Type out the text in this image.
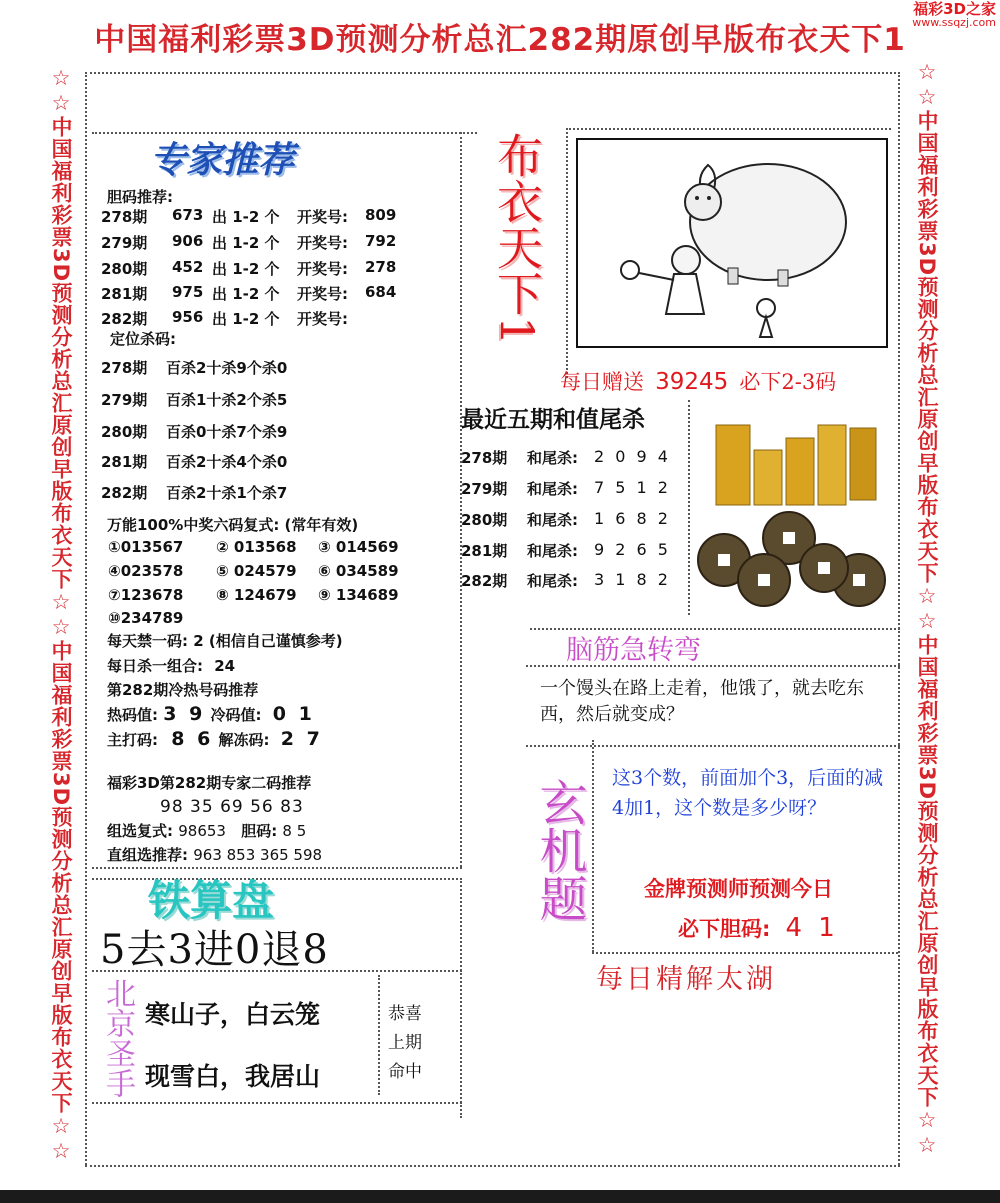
中国福利彩票3D预测分析总汇282期原创早版布衣天下1
福彩3D之家
www.ssqzj.com
☆☆中国福利彩票3D预测分析总汇原创早版布衣天下☆☆中国福利彩票3D预测分析总汇原创早版布衣天下☆☆	☆☆中国福利彩票3D预测分析总汇原创早版布衣天下☆☆中国福利彩票3D预测分析总汇原创早版布衣天下☆☆
专家推荐
胆码推荐:
278期 673 出 1-2 个 开奖号: 809
279期 906 出 1-2 个 开奖号: 792
280期 452 出 1-2 个 开奖号: 278
281期 975 出 1-2 个 开奖号: 684
282期 956 出 1-2 个 开奖号:
定位杀码:
278期 百杀2十杀9个杀0
279期 百杀1十杀2个杀5
280期 百杀0十杀7个杀9
281期 百杀2十杀4个杀0
282期 百杀2十杀1个杀7
万能100%中奖六码复式: (常年有效)
①013567 ② 013568 ③ 014569
④023578 ⑤ 024579 ⑥ 034589
⑦123678 ⑧ 124679 ⑨ 134689
⑩234789
每天禁一码: 2 (相信自己谨慎参考)
每日杀一组合: 24
第282期冷热号码推荐
热码值: 3 9 冷码值: 0 1
主打码: 8 6 解冻码: 2 7
福彩3D第282期专家二码推荐
98 35 69 56 83
组选复式: 98653 胆码: 8 5
直组选推荐: 963 853 365 598
铁算盘
5去3进0退8
北京圣手 寒山子，白云笼
现雪白，我居山
恭喜
上期
命中
布衣天下1
每日赠送 39245 必下2-3码
最近五期和值尾杀
278期 和尾杀: 2 0 9 4
279期 和尾杀: 7 5 1 2
280期 和尾杀: 1 6 8 2
281期 和尾杀: 9 2 6 5
282期 和尾杀: 3 1 8 2
脑筋急转弯
一个馒头在路上走着，他饿了，就去吃东西，然后就变成？
玄机题 这3个数，前面加个3，后面的减4加1，这个数是多少呀？
金牌预测师预测今日
必下胆码: 4 1
每日精解太湖
